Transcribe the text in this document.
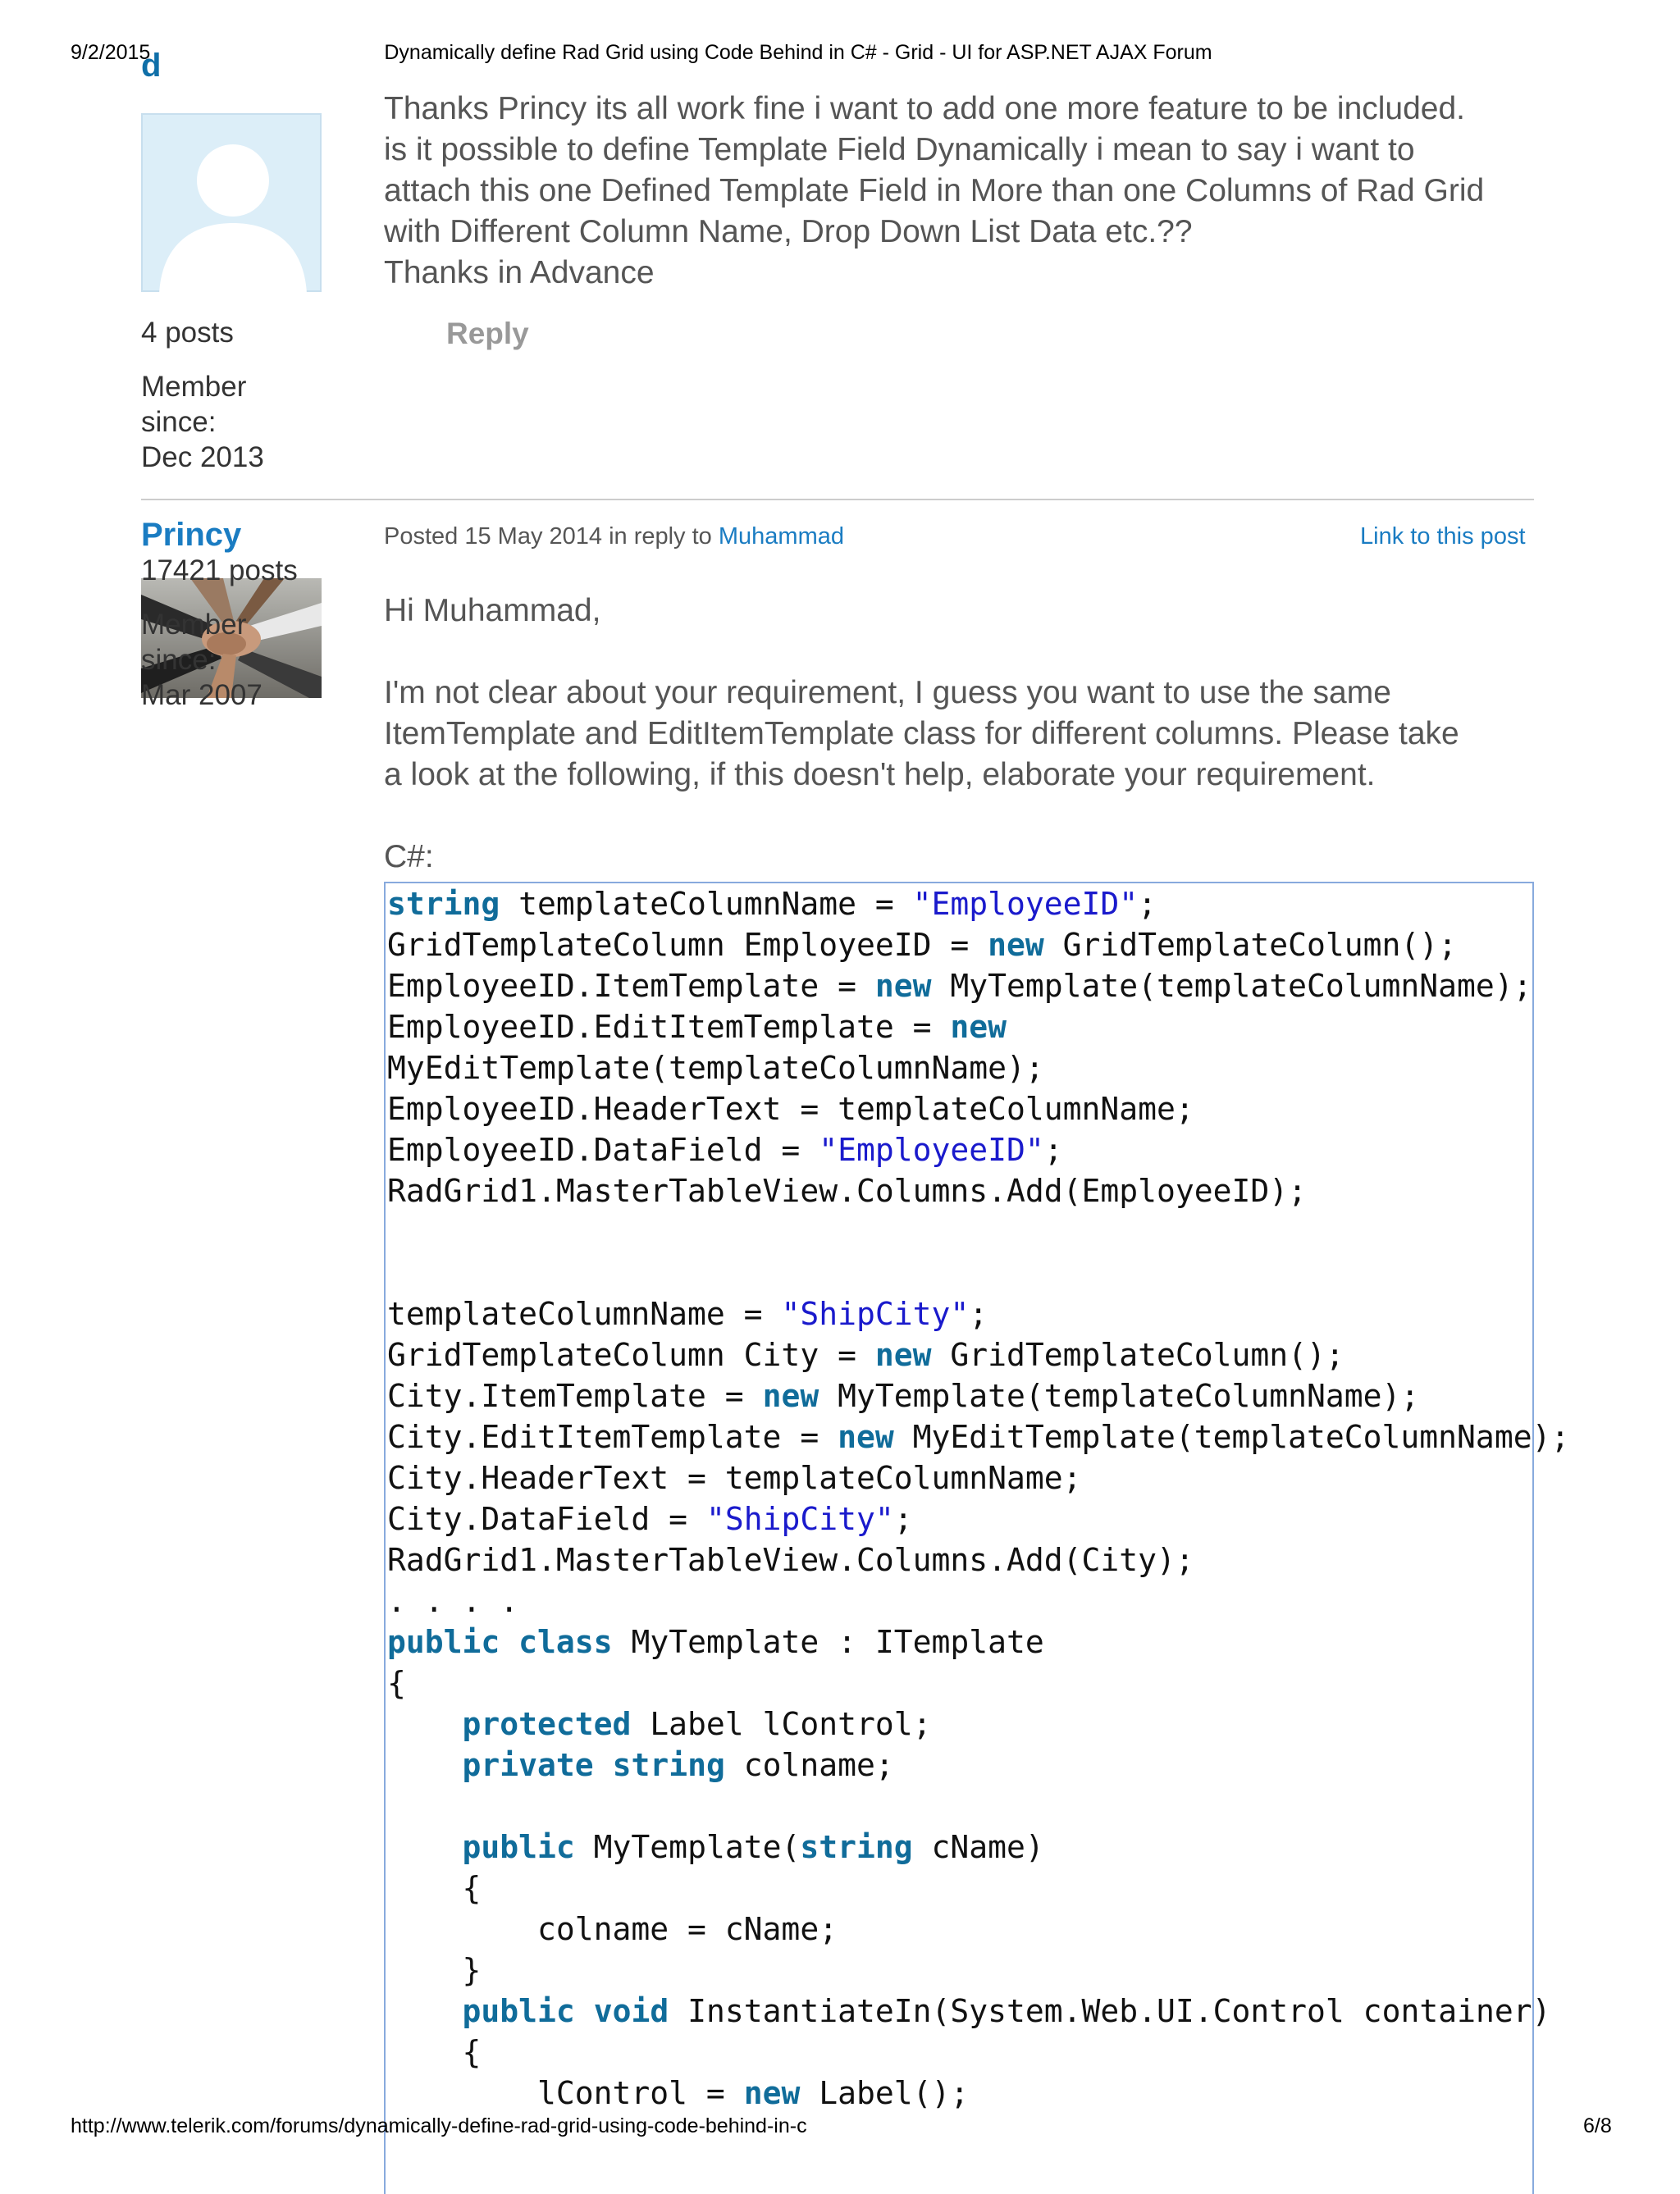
9/2/2015	Dynamically define Rad Grid using Code Behind in C# - Grid - UI for ASP.NET AJAX Forum
d
4 posts
Member
since:
Dec 2013
Thanks Princy its all work fine i want to add one more feature to be included.
is it possible to define Template Field Dynamically i mean to say i want to
attach this one Defined Template Field in More than one Columns of Rad Grid
with Different Column Name, Drop Down List Data etc.??
Thanks in Advance
Reply
Princy
17421 posts
Member
since:
Mar 2007
Posted 15 May 2014 in reply to Muhammad	Link to this post
Hi Muhammad,
I'm not clear about your requirement, I guess you want to use the same
ItemTemplate and EditItemTemplate class for different columns. Please take
a look at the following, if this doesn't help, elaborate your requirement.
C#:
string templateColumnName = "EmployeeID";
GridTemplateColumn EmployeeID = new GridTemplateColumn();
EmployeeID.ItemTemplate = new MyTemplate(templateColumnName);
EmployeeID.EditItemTemplate = new
MyEditTemplate(templateColumnName);
EmployeeID.HeaderText = templateColumnName;
EmployeeID.DataField = "EmployeeID";
RadGrid1.MasterTableView.Columns.Add(EmployeeID);
templateColumnName = "ShipCity";
GridTemplateColumn City = new GridTemplateColumn();
City.ItemTemplate = new MyTemplate(templateColumnName);
City.EditItemTemplate = new MyEditTemplate(templateColumnName);
City.HeaderText = templateColumnName;
City.DataField = "ShipCity";
RadGrid1.MasterTableView.Columns.Add(City);
. . . .
public class MyTemplate : ITemplate
{
protected Label lControl;
private string colname;
public MyTemplate(string cName)
{
colname = cName;
}
public void InstantiateIn(System.Web.UI.Control container)
{
lControl = new Label();
http://www.telerik.com/forums/dynamically-define-rad-grid-using-code-behind-in-c	6/8
